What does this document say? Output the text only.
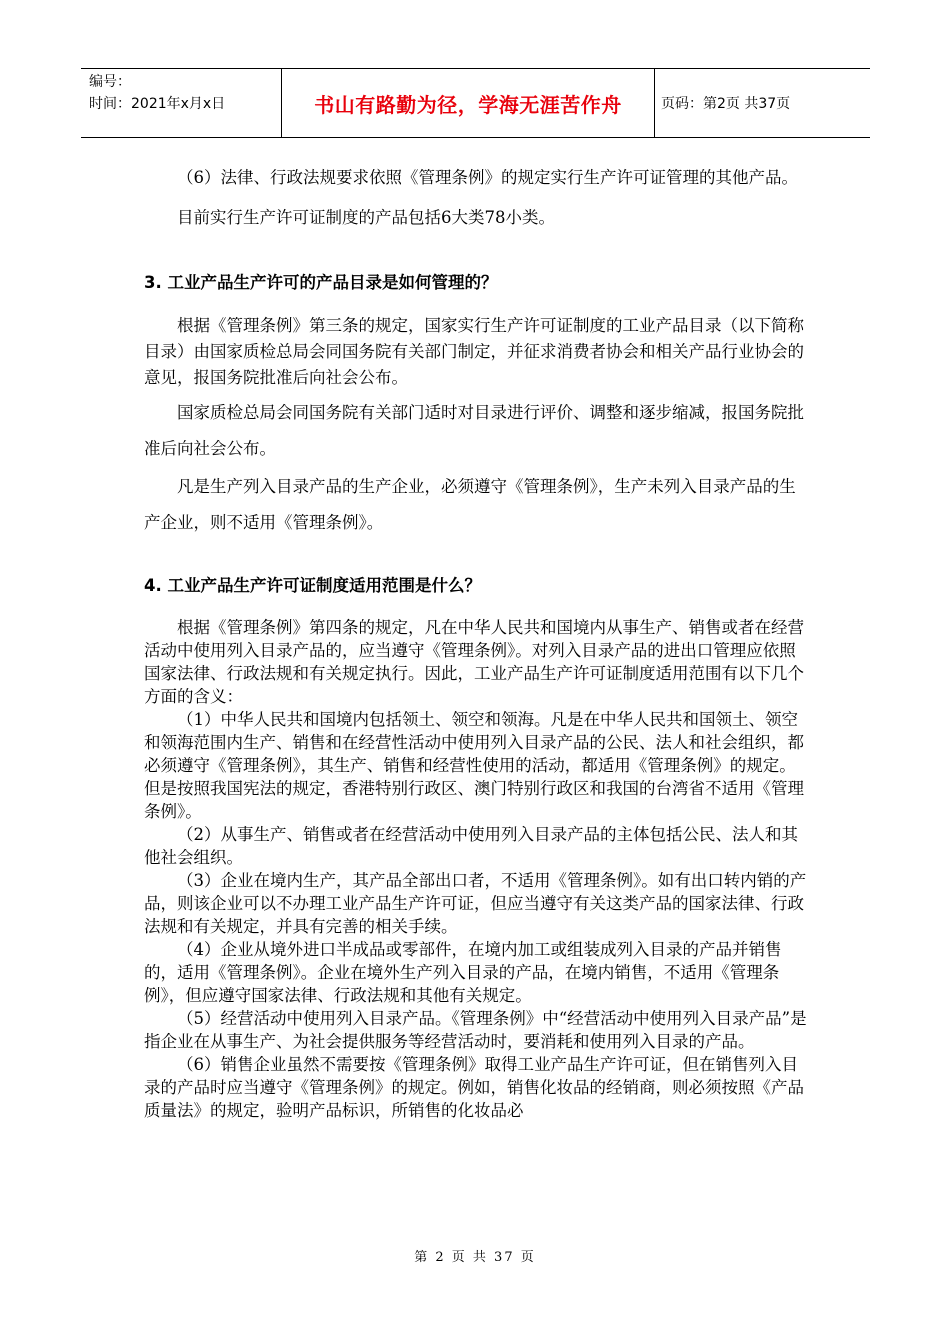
编号：
时间：2021年x月x日	书山有路勤为径，学海无涯苦作舟	页码：第2页 共37页

（6）法律、行政法规要求依照《管理条例》的规定实行生产许可证管理的其他产品。

目前实行生产许可证制度的产品包括6大类78小类。

3. 工业产品生产许可的产品目录是如何管理的？

根据《管理条例》第三条的规定，国家实行生产许可证制度的工业产品目录（以下简称目录）由国家质检总局会同国务院有关部门制定，并征求消费者协会和相关产品行业协会的意见，报国务院批准后向社会公布。

国家质检总局会同国务院有关部门适时对目录进行评价、调整和逐步缩减，报国务院批准后向社会公布。

凡是生产列入目录产品的生产企业，必须遵守《管理条例》，生产未列入目录产品的生产企业，则不适用《管理条例》。

4. 工业产品生产许可证制度适用范围是什么？

根据《管理条例》第四条的规定，凡在中华人民共和国境内从事生产、销售或者在经营活动中使用列入目录产品的，应当遵守《管理条例》。对列入目录产品的进出口管理应依照国家法律、行政法规和有关规定执行。因此，工业产品生产许可证制度适用范围有以下几个方面的含义：

（1）中华人民共和国境内包括领土、领空和领海。凡是在中华人民共和国领土、领空和领海范围内生产、销售和在经营性活动中使用列入目录产品的公民、法人和社会组织，都必须遵守《管理条例》，其生产、销售和经营性使用的活动，都适用《管理条例》的规定。但是按照我国宪法的规定，香港特别行政区、澳门特别行政区和我国的台湾省不适用《管理条例》。

（2）从事生产、销售或者在经营活动中使用列入目录产品的主体包括公民、法人和其他社会组织。

（3）企业在境内生产，其产品全部出口者，不适用《管理条例》。如有出口转内销的产品，则该企业可以不办理工业产品生产许可证，但应当遵守有关这类产品的国家法律、行政法规和有关规定，并具有完善的相关手续。

（4）企业从境外进口半成品或零部件，在境内加工或组装成列入目录的产品并销售的，适用《管理条例》。企业在境外生产列入目录的产品，在境内销售，不适用《管理条例》，但应遵守国家法律、行政法规和其他有关规定。

（5）经营活动中使用列入目录产品。《管理条例》中“经营活动中使用列入目录产品”是指企业在从事生产、为社会提供服务等经营活动时，要消耗和使用列入目录的产品。

（6）销售企业虽然不需要按《管理条例》取得工业产品生产许可证，但在销售列入目录的产品时应当遵守《管理条例》的规定。例如，销售化妆品的经销商，则必须按照《产品质量法》的规定，验明产品标识，所销售的化妆品必

第 2 页 共 37 页
